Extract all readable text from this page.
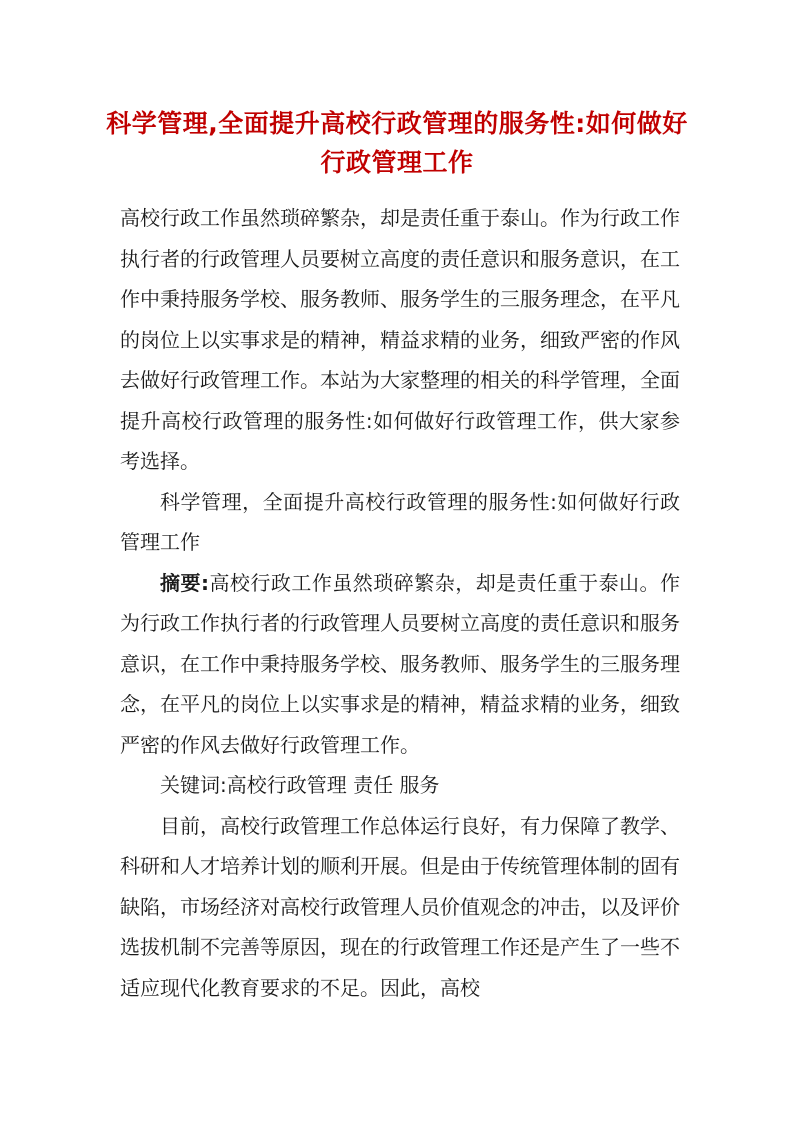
科学管理,全面提升高校行政管理的服务性:如何做好
行政管理工作

高校行政工作虽然琐碎繁杂，却是责任重于泰山。作为行政工作执行者的行政管理人员要树立高度的责任意识和服务意识，在工作中秉持服务学校、服务教师、服务学生的三服务理念，在平凡的岗位上以实事求是的精神，精益求精的业务，细致严密的作风去做好行政管理工作。本站为大家整理的相关的科学管理，全面提升高校行政管理的服务性:如何做好行政管理工作，供大家参考选择。

科学管理，全面提升高校行政管理的服务性:如何做好行政管理工作

摘要:高校行政工作虽然琐碎繁杂，却是责任重于泰山。作为行政工作执行者的行政管理人员要树立高度的责任意识和服务意识，在工作中秉持服务学校、服务教师、服务学生的三服务理念，在平凡的岗位上以实事求是的精神，精益求精的业务，细致严密的作风去做好行政管理工作。

关键词:高校行政管理 责任 服务

目前，高校行政管理工作总体运行良好，有力保障了教学、科研和人才培养计划的顺利开展。但是由于传统管理体制的固有缺陷，市场经济对高校行政管理人员价值观念的冲击，以及评价选拔机制不完善等原因，现在的行政管理工作还是产生了一些不适应现代化教育要求的不足。因此，高校
